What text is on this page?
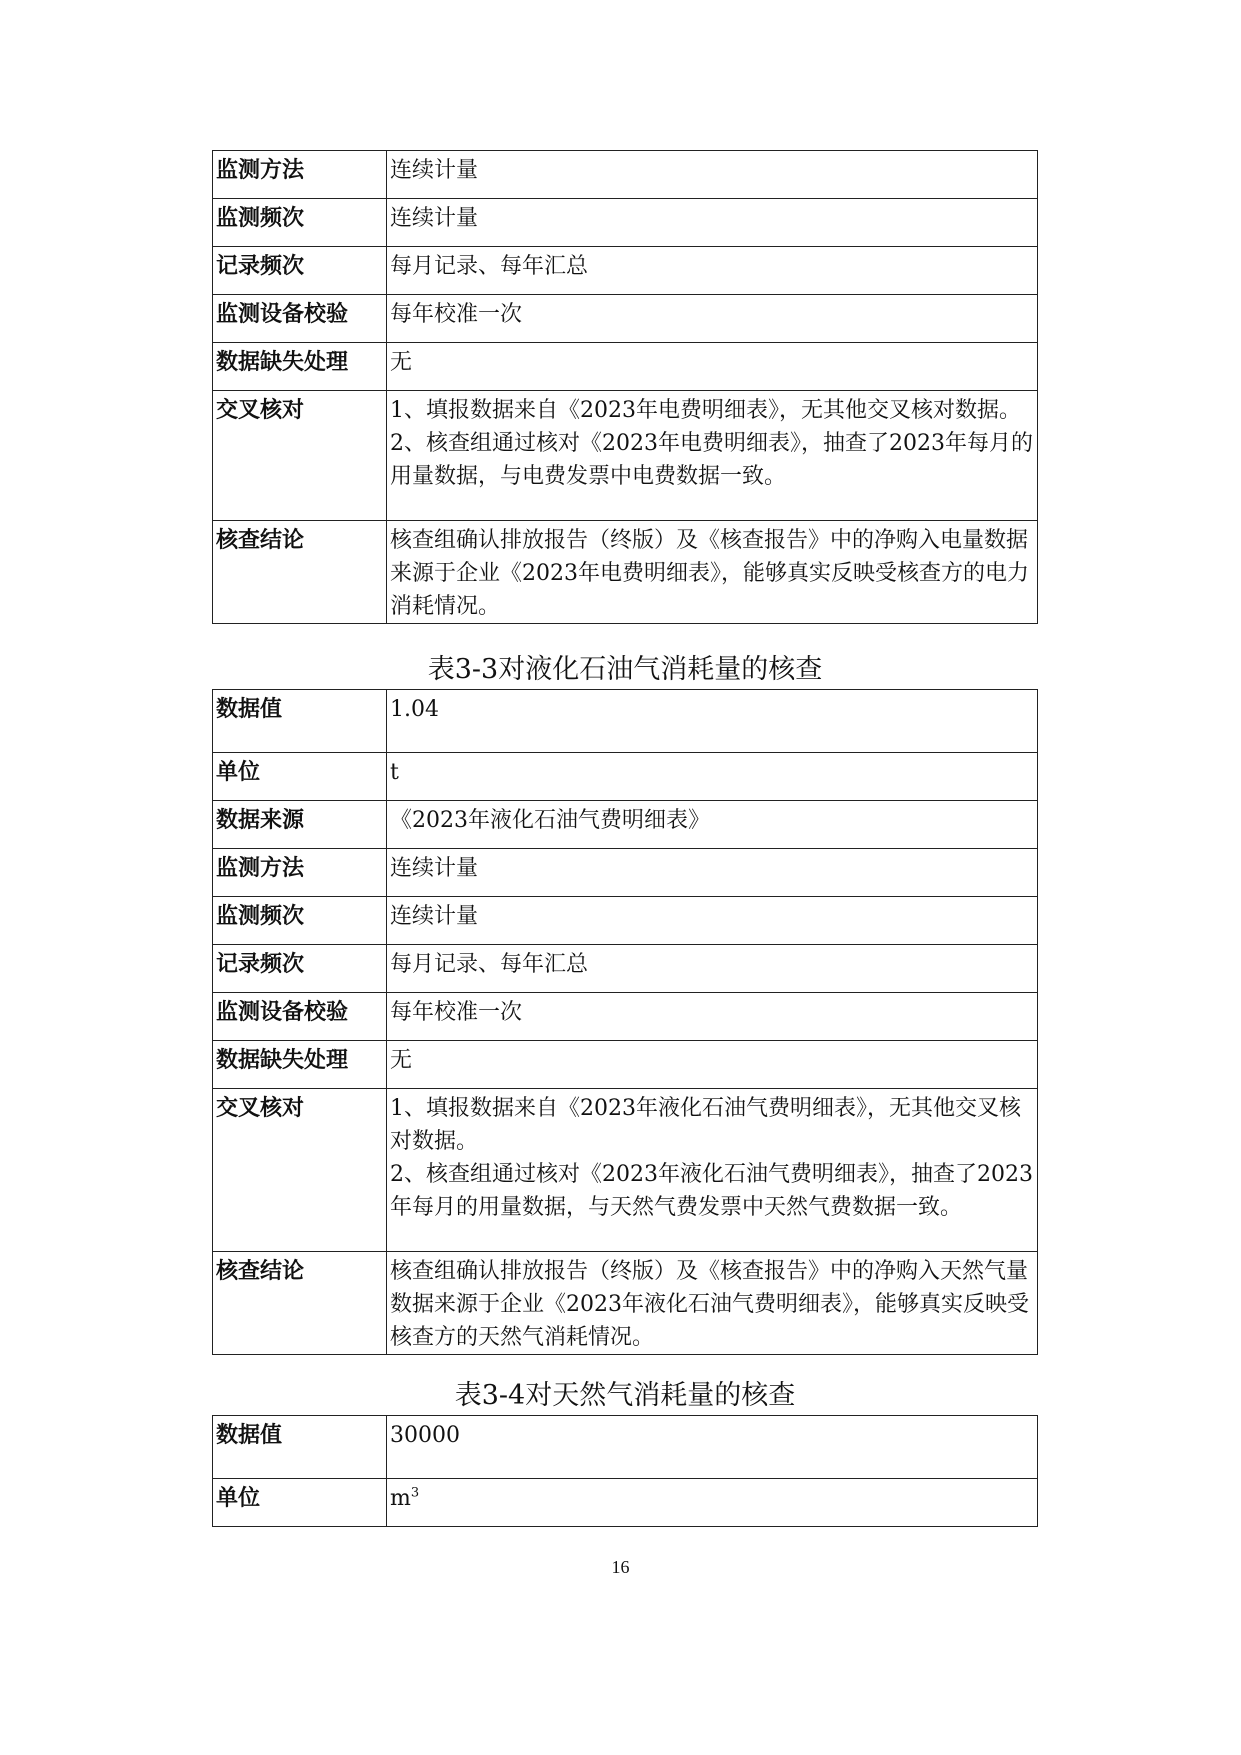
监测方法	连续计量
监测频次	连续计量
记录频次	每月记录、每年汇总
监测设备校验	每年校准一次
数据缺失处理	无
交叉核对	1、填报数据来自《2023年电费明细表》，无其他交叉核对数据。
2、核查组通过核对《2023年电费明细表》，抽查了2023年每月的用量数据，与电费发票中电费数据一致。
核查结论	核查组确认排放报告（终版）及《核查报告》中的净购入电量数据来源于企业《2023年电费明细表》，能够真实反映受核查方的电力消耗情况。
表3-3对液化石油气消耗量的核查
数据值	1.04
单位	t
数据来源	《2023年液化石油气费明细表》
监测方法	连续计量
监测频次	连续计量
记录频次	每月记录、每年汇总
监测设备校验	每年校准一次
数据缺失处理	无
交叉核对	1、填报数据来自《2023年液化石油气费明细表》，无其他交叉核对数据。
2、核查组通过核对《2023年液化石油气费明细表》，抽查了2023年每月的用量数据，与天然气费发票中天然气费数据一致。
核查结论	核查组确认排放报告（终版）及《核查报告》中的净购入天然气量数据来源于企业《2023年液化石油气费明细表》，能够真实反映受核查方的天然气消耗情况。
表3-4对天然气消耗量的核查
数据值	30000
单位	$m^3$
16
